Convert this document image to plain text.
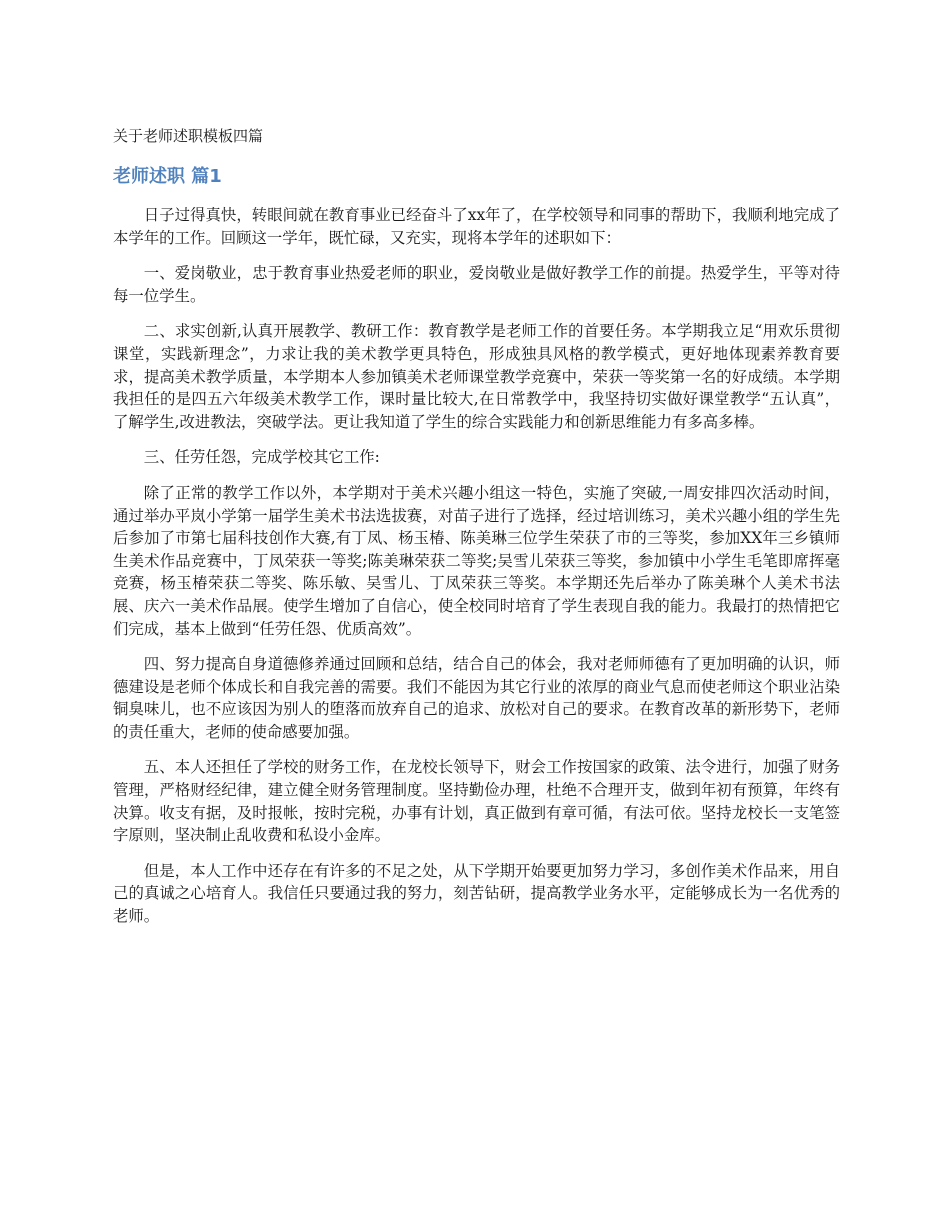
关于老师述职模板四篇
老师述职 篇1

日子过得真快，转眼间就在教育事业已经奋斗了xx年了，在学校领导和同事的帮助下，我顺利地完成了本学年的工作。回顾这一学年，既忙碌，又充实，现将本学年的述职如下：

一、爱岗敬业，忠于教育事业热爱老师的职业，爱岗敬业是做好教学工作的前提。热爱学生，平等对待每一位学生。

二、求实创新,认真开展教学、教研工作：教育教学是老师工作的首要任务。本学期我立足“用欢乐贯彻课堂，实践新理念”，力求让我的美术教学更具特色，形成独具风格的教学模式，更好地体现素养教育要求，提高美术教学质量，本学期本人参加镇美术老师课堂教学竞赛中，荣获一等奖第一名的好成绩。本学期我担任的是四五六年级美术教学工作，课时量比较大,在日常教学中，我坚持切实做好课堂教学“五认真”，了解学生,改进教法，突破学法。更让我知道了学生的综合实践能力和创新思维能力有多高多棒。

三、任劳任怨，完成学校其它工作:

除了正常的教学工作以外，本学期对于美术兴趣小组这一特色，实施了突破,一周安排四次活动时间，通过举办平岚小学第一届学生美术书法选拔赛，对苗子进行了选择，经过培训练习，美术兴趣小组的学生先后参加了市第七届科技创作大赛,有丁凤、杨玉椿、陈美琳三位学生荣获了市的三等奖，参加XX年三乡镇师生美术作品竞赛中，丁凤荣获一等奖;陈美琳荣获二等奖;吴雪儿荣获三等奖，参加镇中小学生毛笔即席挥毫竞赛，杨玉椿荣获二等奖、陈乐敏、吴雪儿、丁凤荣获三等奖。本学期还先后举办了陈美琳个人美术书法展、庆六一美术作品展。使学生增加了自信心，使全校同时培育了学生表现自我的能力。我最打的热情把它们完成，基本上做到“任劳任怨、优质高效”。

四、努力提高自身道德修养通过回顾和总结，结合自己的体会，我对老师师德有了更加明确的认识，师德建设是老师个体成长和自我完善的需要。我们不能因为其它行业的浓厚的商业气息而使老师这个职业沾染铜臭味儿，也不应该因为别人的堕落而放弃自己的追求、放松对自己的要求。在教育改革的新形势下，老师的责任重大，老师的使命感要加强。

五、本人还担任了学校的财务工作，在龙校长领导下，财会工作按国家的政策、法令进行，加强了财务管理，严格财经纪律，建立健全财务管理制度。坚持勤俭办理，杜绝不合理开支，做到年初有预算，年终有决算。收支有据，及时报帐，按时完税，办事有计划，真正做到有章可循，有法可依。坚持龙校长一支笔签字原则，坚决制止乱收费和私设小金库。

但是，本人工作中还存在有许多的不足之处，从下学期开始要更加努力学习，多创作美术作品来，用自己的真诚之心培育人。我信任只要通过我的努力，刻苦钻研，提高教学业务水平，定能够成长为一名优秀的老师。
